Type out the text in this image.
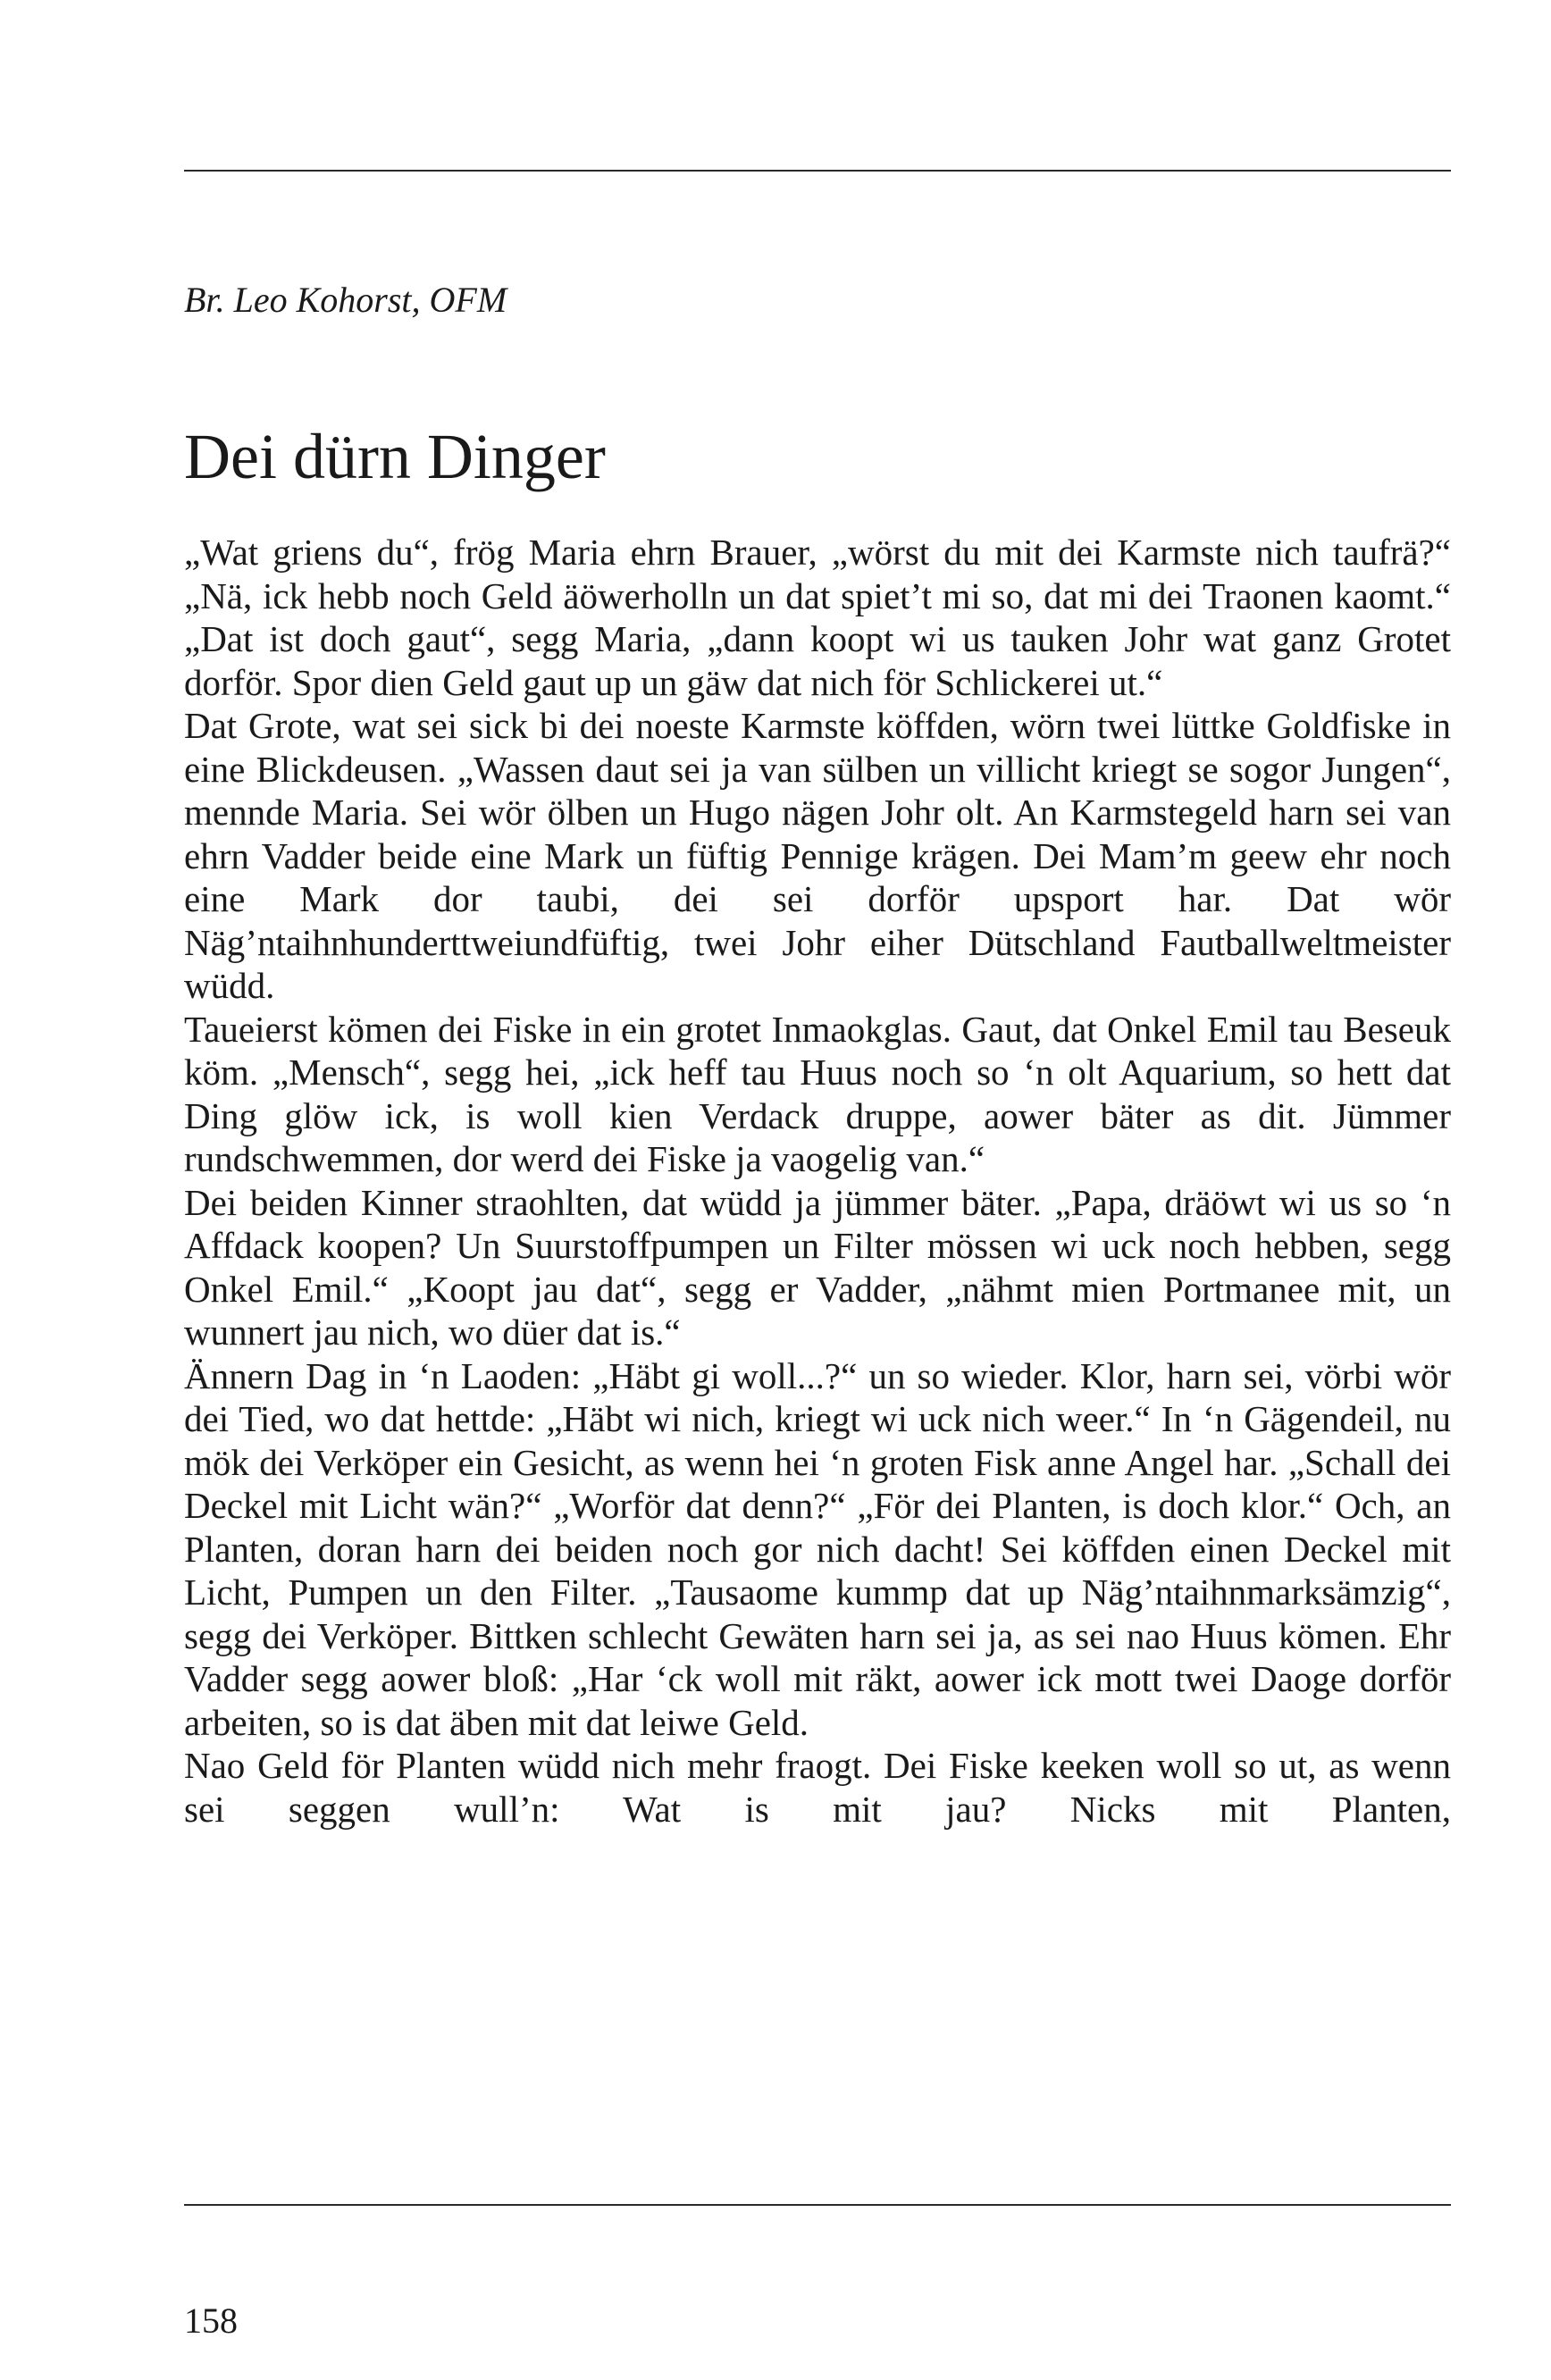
Br. Leo Kohorst, OFM

Dei dürn Dinger

„Wat griens du“, frög Maria ehrn Brauer, „wörst du mit dei Karmste nich taufrä?“ „Nä, ick hebb noch Geld äöwerholln un dat spiet’t mi so, dat mi dei Traonen kaomt.“ „Dat ist doch gaut“, segg Maria, „dann koopt wi us tauken Johr wat ganz Grotet dorför. Spor dien Geld gaut up un gäw dat nich för Schlickerei ut.“

Dat Grote, wat sei sick bi dei noeste Karmste köffden, wörn twei lüttke Goldfiske in eine Blickdeusen. „Wassen daut sei ja van sülben un villicht kriegt se sogor Jungen“, mennde Maria. Sei wör ölben un Hugo nägen Johr olt. An Karmstegeld harn sei van ehrn Vadder beide eine Mark un füftig Pennige krägen. Dei Mam’m geew ehr noch eine Mark dor taubi, dei sei dorför upsport har. Dat wör Näg’ntaihnhunderttweiundfüftig, twei Johr eiher Dütschland Fautballweltmeister wüdd.

Taueierst kömen dei Fiske in ein grotet Inmaokglas. Gaut, dat Onkel Emil tau Beseuk köm. „Mensch“, segg hei, „ick heff tau Huus noch so ‘n olt Aquarium, so hett dat Ding glöw ick, is woll kien Verdack druppe, aower bäter as dit. Jümmer rundschwemmen, dor werd dei Fiske ja vaogelig van.“

Dei beiden Kinner straohlten, dat wüdd ja jümmer bäter. „Papa, dräöwt wi us so ‘n Affdack koopen? Un Suurstoffpumpen un Filter mössen wi uck noch hebben, segg Onkel Emil.“ „Koopt jau dat“, segg er Vadder, „nähmt mien Portmanee mit, un wunnert jau nich, wo düer dat is.“

Ännern Dag in ‘n Laoden: „Häbt gi woll...?“ un so wieder. Klor, harn sei, vörbi wör dei Tied, wo dat hettde: „Häbt wi nich, kriegt wi uck nich weer.“ In ‘n Gägendeil, nu mök dei Verköper ein Gesicht, as wenn hei ‘n groten Fisk anne Angel har. „Schall dei Deckel mit Licht wän?“ „Worför dat denn?“ „För dei Planten, is doch klor.“ Och, an Planten, doran harn dei beiden noch gor nich dacht! Sei köffden einen Deckel mit Licht, Pumpen un den Filter. „Tausaome kummp dat up Näg’ntaihnmarksämzig“, segg dei Verköper. Bittken schlecht Gewäten harn sei ja, as sei nao Huus kömen. Ehr Vadder segg aower bloß: „Har ‘ck woll mit räkt, aower ick mott twei Daoge dorför arbeiten, so is dat äben mit dat leiwe Geld.

Nao Geld för Planten wüdd nich mehr fraogt. Dei Fiske keeken woll so ut, as wenn sei seggen wull’n: Wat is mit jau? Nicks mit Planten,

158
